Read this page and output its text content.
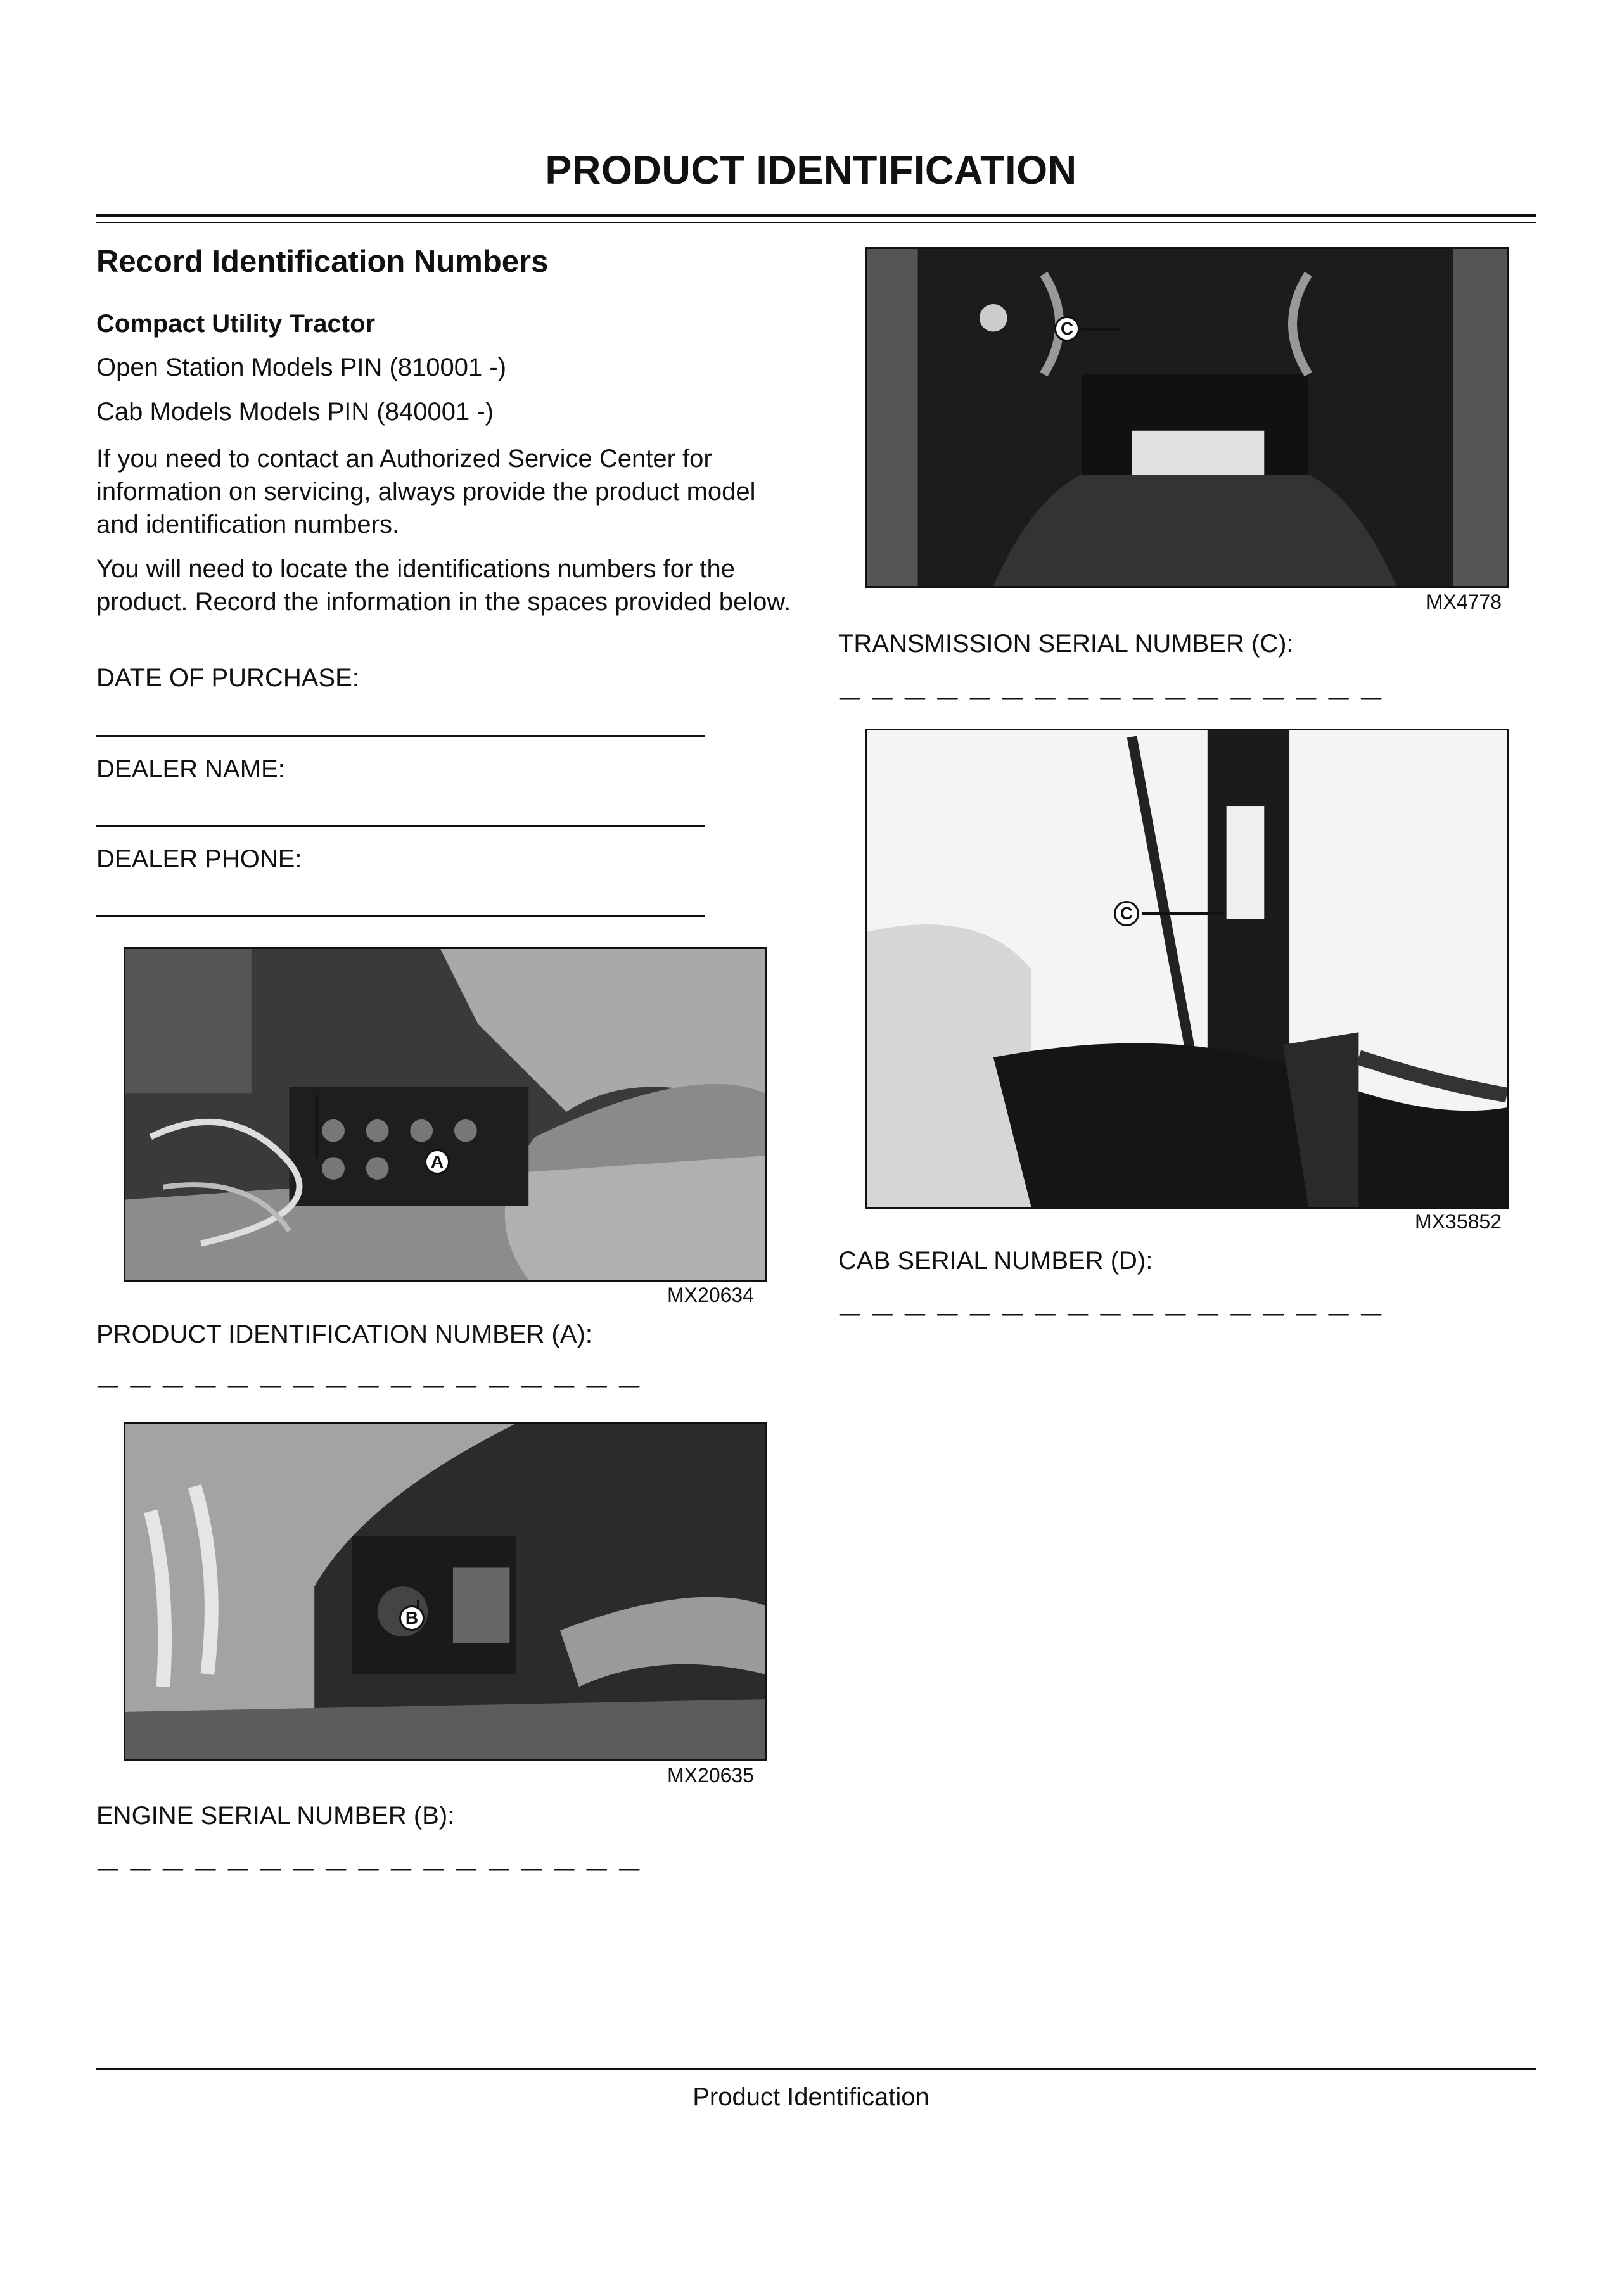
PRODUCT IDENTIFICATION
Record Identification Numbers
Compact Utility Tractor
Open Station Models PIN (810001 -)
Cab Models Models PIN (840001 -)
If you need to contact an Authorized Service Center for information on servicing, always provide the product model and identification numbers.
You will need to locate the identifications numbers for the product. Record the information in the spaces provided below.
DATE OF PURCHASE:
DEALER NAME:
DEALER PHONE:
A
MX20634
PRODUCT IDENTIFICATION NUMBER (A):
— — — — — — — — — — — — — — — — —
B
MX20635
ENGINE SERIAL NUMBER (B):
— — — — — — — — — — — — — — — — —
C
MX4778
TRANSMISSION SERIAL NUMBER (C):
— — — — — — — — — — — — — — — — —
C
MX35852
CAB SERIAL NUMBER (D):
— — — — — — — — — — — — — — — — —
Product Identification
